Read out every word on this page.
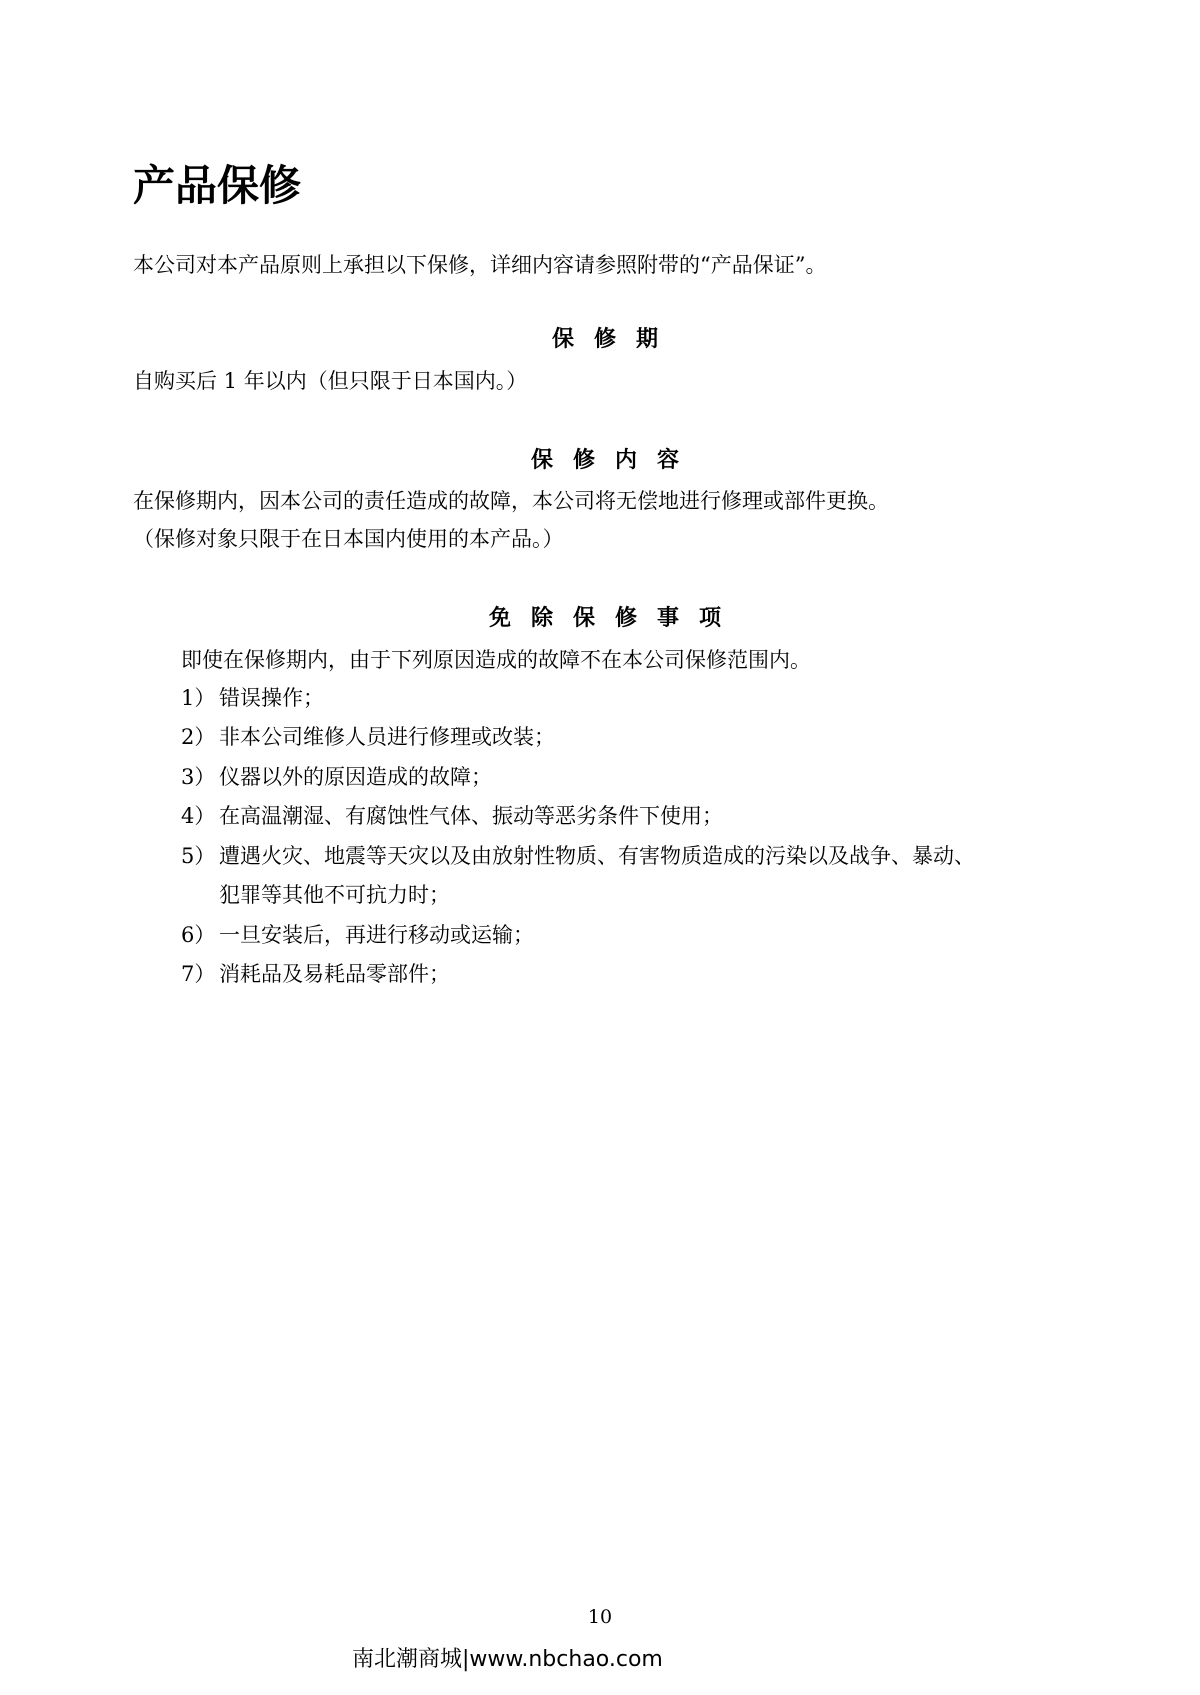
产品保修
本公司对本产品原则上承担以下保修，详细内容请参照附带的“产品保证”。
保修期
自购买后 1 年以内（但只限于日本国内。）
保修内容
在保修期内，因本公司的责任造成的故障，本公司将无偿地进行修理或部件更换。
（保修对象只限于在日本国内使用的本产品。）
免除保修事项
即使在保修期内，由于下列原因造成的故障不在本公司保修范围内。
1） 错误操作；
2） 非本公司维修人员进行修理或改装；
3） 仪器以外的原因造成的故障；
4） 在高温潮湿、有腐蚀性气体、振动等恶劣条件下使用；
5） 遭遇火灾、地震等天灾以及由放射性物质、有害物质造成的污染以及战争、暴动、
犯罪等其他不可抗力时；
6） 一旦安装后，再进行移动或运输；
7） 消耗品及易耗品零部件；
10
南北潮商城|www.nbchao.com
